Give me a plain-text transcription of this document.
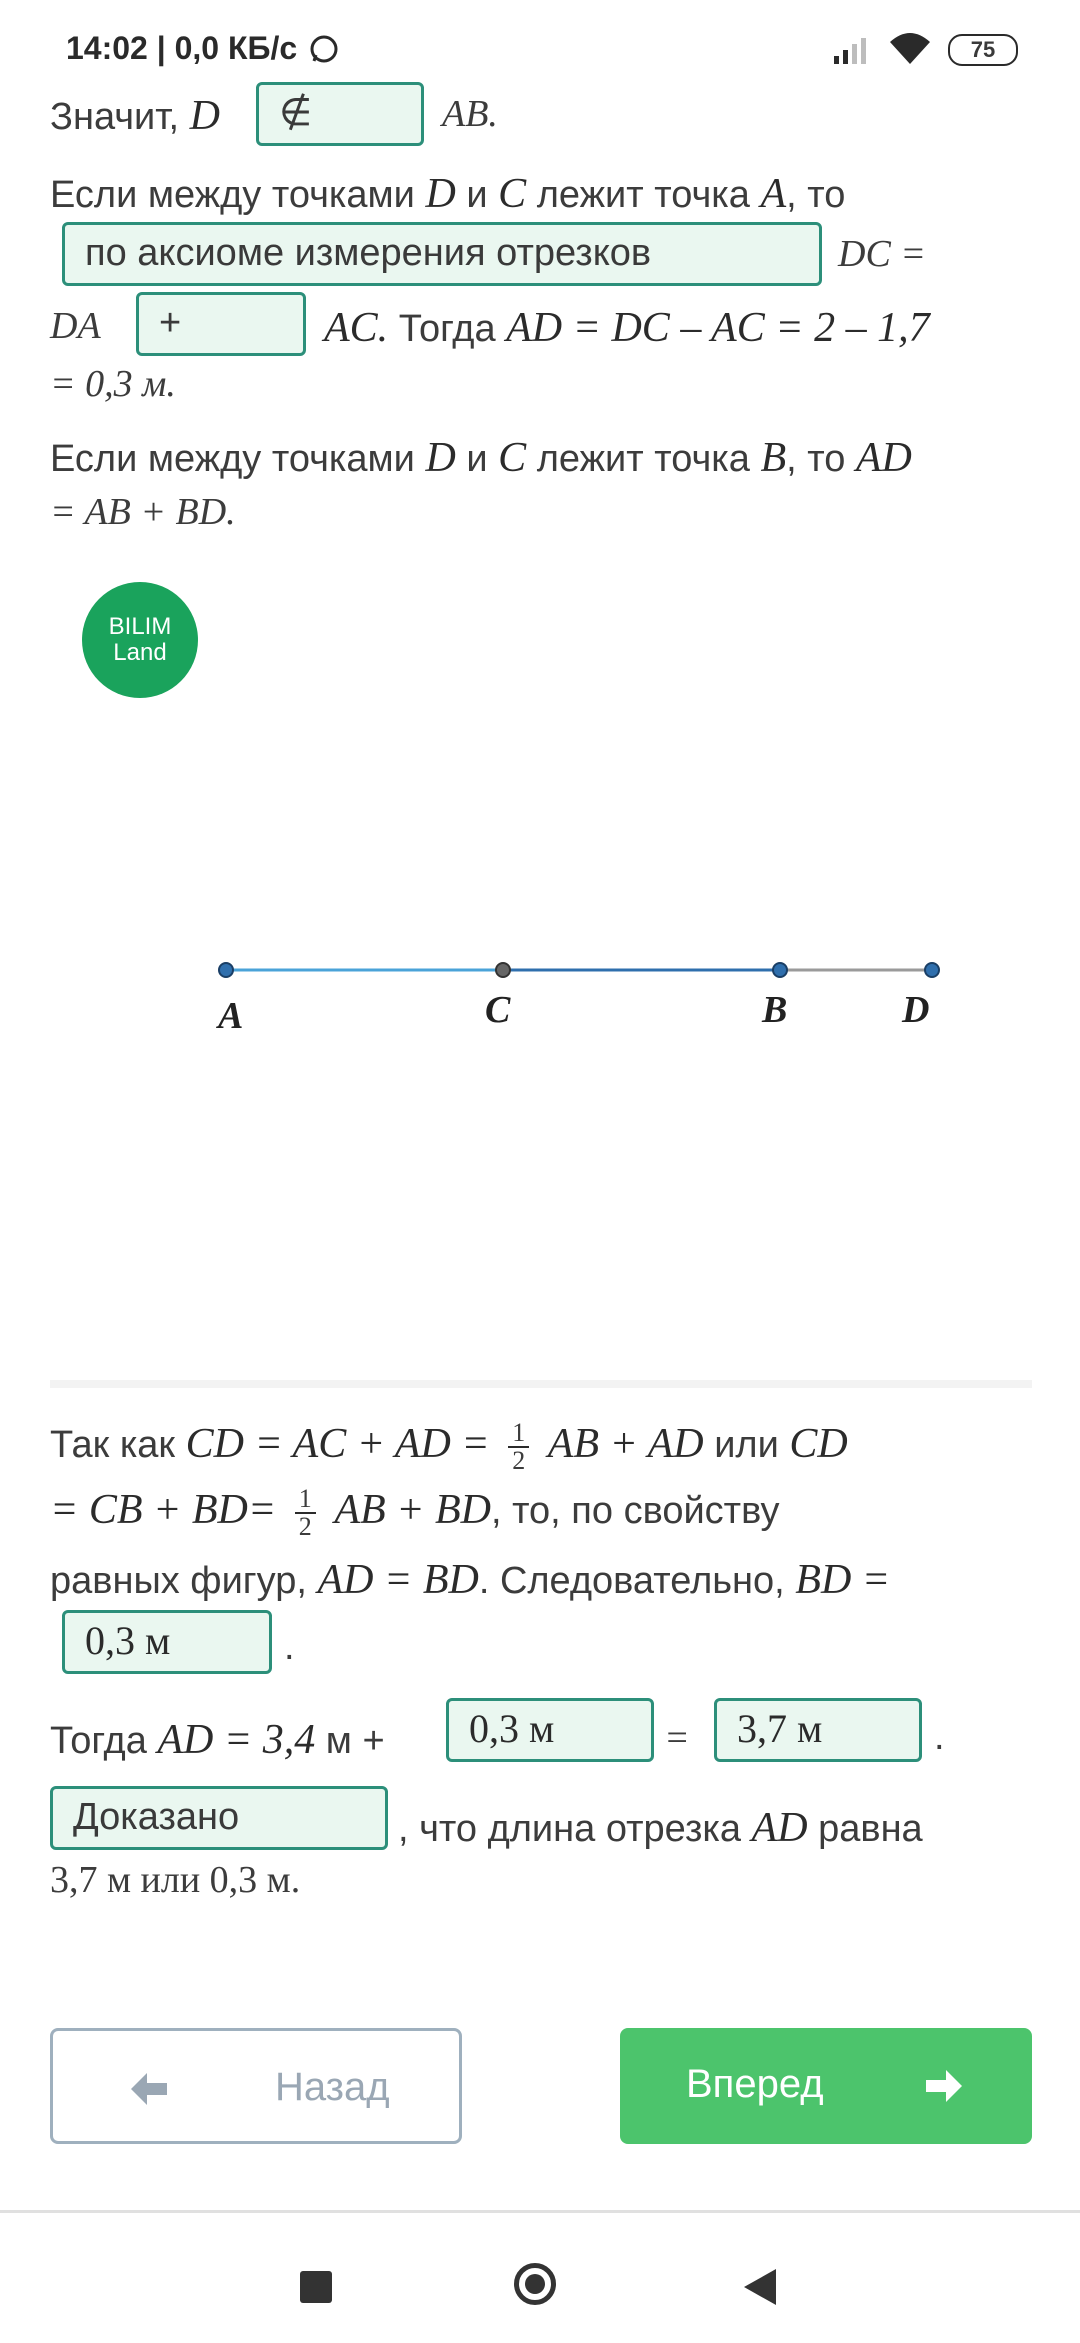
14:02 | 0,0 КБ/с	75
Значит, D	∉	AB.
Если между точками D и C лежит точка A, то
по аксиоме измерения отрезков	DC =
DA	+	AC. Тогда AD = DC – AC = 2 – 1,7
= 0,3 м.
Если между точками D и C лежит точка B, то AD
= AB + BD.
BILIM
Land
A	C	B	D
Так как CD = AC + AD = $\frac{1}{2}$ AB + AD или CD
= CB + $BD= \frac{1}{2}$ AB + BD, то, по свойству
равных фигур, AD = BD. Следовательно, BD =
0,3 м	.
Тогда AD = 3,4 м +	0,3 м	=	3,7 м	.
Доказано	, что длина отрезка AD равна
3,7 м или 0,3 м.
Назад	Вперед
